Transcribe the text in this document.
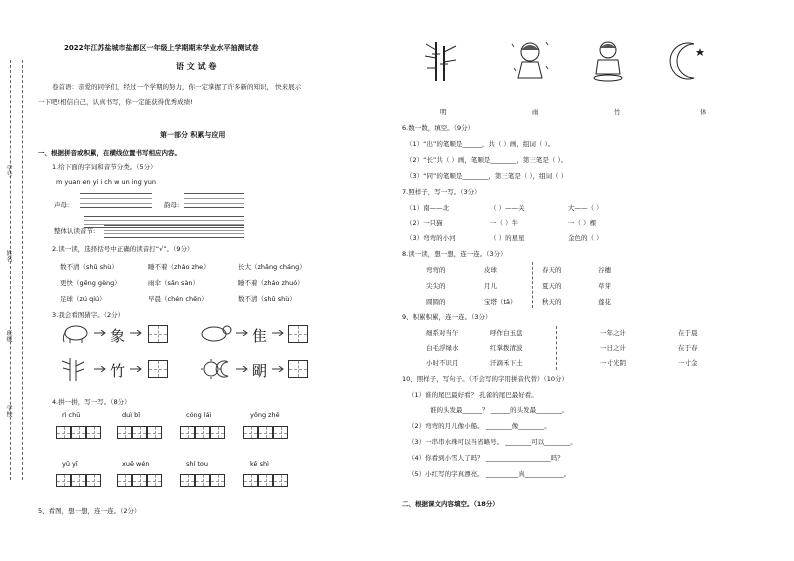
学号
姓名
班级
学校
2022年江苏盐城市盐都区一年级上学期期末学业水平抽测试卷
语 文 试 卷
卷首语：亲爱的同学们，经过一个学期的努力，你一定掌握了许多新的知识， 快来展示
一下吧!相信自己，认真书写，你一定能获得优秀成绩!
第一部分 积累与应用
一、根据拼音或积累，在横线位置书写相应内容。
1.给下面的字词和音节分类。（5分）
m yuan en yi i ch w un ing yun
声母:	韵母:
整体认读音节:
2.读一读，选择括号中正确的读音打“√”。（9分）
数不清（shǔ shù）	睡不着（zháo zhe）	长大（zhǎng cháng）
更快（gēng gèng）	雨伞（sǎn sàn）	睡不着（zháo zhuó）
足球（zú qiú）	早晨（chén chēn）	数不清（shǔ shù）
3.我会看图猜字。（2分）
象	隹
竹	朙
4.拼一拼，写一写。（8分）
rì chū	duì bǐ	cóng lái	yǒng zhě
yǔ yī	xuě wén	shí tou	kě shì
5、看图，想一想，连一连。（2分）
明	雨	竹	休
6.数一数，填空。（9分）
（1）“出”的笔顺是______，共（ ）画，组词（ ）。
（2）“长”共（ ）画，笔顺是________，第三笔是（ ）。
（3）“同”的笔顺是________，第三笔是（ ），组词（ ）
7.照样子，写一写。（3分）
（1）南——北	（ ）——关	大——（ ）
（2）一只猫	一（ ）牛	一（ ）棵
（3）弯弯的小河	（ ）的星星	金色的（ ）
8.读一读，想一想，连一连。（3分）
弯弯的
尖尖的
圆圆的
皮球
月儿
宝塔（tǎ）
春天的
夏天的
秋天的
谷穗
草芽
莲花
9、积累积累，连一连。（3分）
细系对当午
白毛浮绿水
小时不识月
呼作白玉盘
红掌拨清波
汗滴禾下土
一年之计
一日之计
一寸光阴
在于晨
在于春
一寸金
10、照样子，写句子。（不会写的字用拼音代替）（10分）
（1）谁的尾巴最好看？ 孔雀的尾巴最好看。
谁的头发最______？ ______的头发最________。
（2）弯弯的月儿像小船。 ________像________。
（3）一串串水珠可以当省略号。 ________可以________。
（4）你看到小雪人了吗？ ____________________吗？
（5）小红写的字真漂亮。 __________真____________。
二、根据课文内容填空。（18分）
